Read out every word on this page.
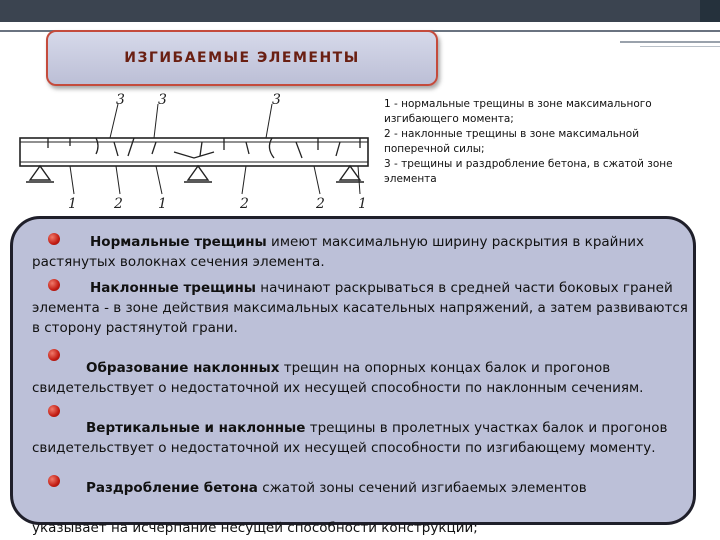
ИЗГИБАЕМЫЕ ЭЛЕМЕНТЫ
3 3	3
1	2	1	2	2 1
1 - нормальные трещины в зоне максимального изгибающего момента;
2 - наклонные трещины в зоне максимальной поперечной силы;
3 - трещины и раздробление бетона, в сжатой зоне элемента

Нормальные трещины имеют максимальную ширину раскрытия в крайних растянутых волокнах сечения элемента.

Наклонные трещины начинают раскрываться в средней части боковых граней элемента - в зоне действия максимальных касательных напряжений, а затем развиваются в сторону растянутой грани.

Образование наклонных трещин на опорных концах балок и прогонов свидетельствует о недостаточной их несущей способности по наклонным сечениям.

Вертикальные и наклонные трещины в пролетных участках балок и прогонов свидетельствует о недостаточной их несущей способности по изгибающему моменту.

Раздробление бетона сжатой зоны сечений изгибаемых элементов

указывает на исчерпание несущей способности конструкции;
